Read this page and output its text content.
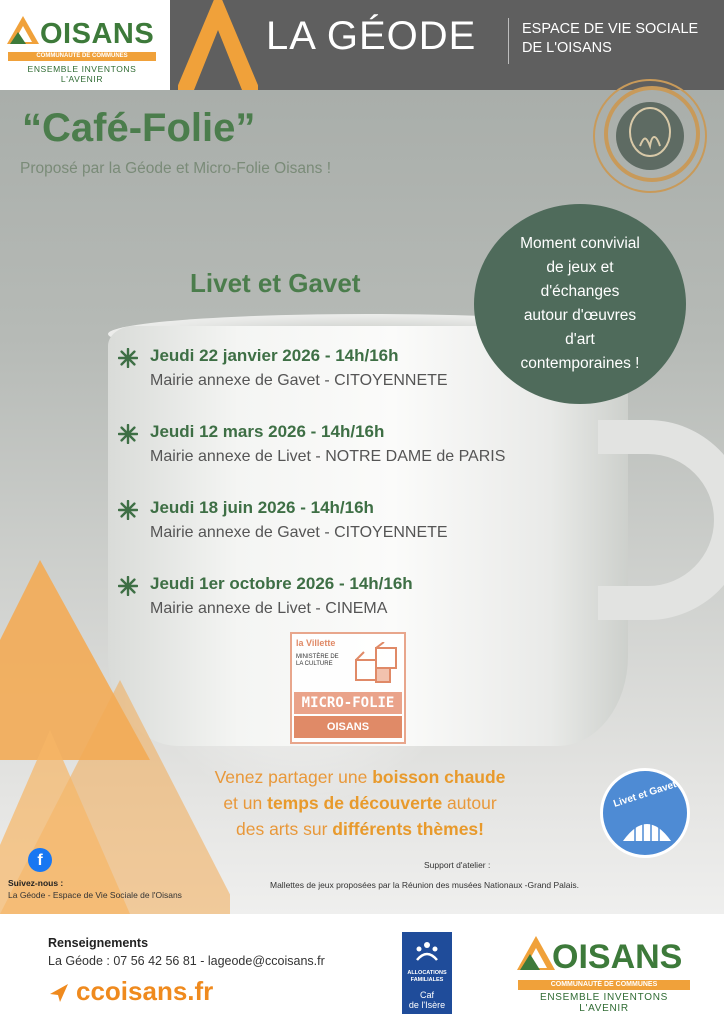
OISANS
COMMUNAUTÉ DE COMMUNES
ENSEMBLE INVENTONS L'AVENIR
LA GÉODE	ESPACE DE VIE SOCIALE
DE L'OISANS
“Café-Folie”
Proposé par la Géode et Micro-Folie Oisans !
Moment convivial
de jeux et
d'échanges
autour d'œuvres
d'art
contemporaines !
Livet et Gavet
Jeudi 22 janvier 2026 - 14h/16h
Mairie annexe de Gavet - CITOYENNETE
Jeudi 12 mars 2026 - 14h/16h
Mairie annexe de Livet - NOTRE DAME de PARIS
Jeudi 18 juin 2026 - 14h/16h
Mairie annexe de Gavet - CITOYENNETE
Jeudi 1er octobre 2026 - 14h/16h
Mairie annexe de Livet - CINEMA
la Villette
MINISTÈRE DE LA CULTURE
MICRO-FOLIE
OISANS
Venez partager une boisson chaude
et un temps de découverte autour
des arts sur différents thèmes!
Livet et Gavet
f
Suivez-nous :
La Géode - Espace de Vie Sociale de l'Oisans
Support d'atelier :
Mallettes de jeux proposées par la Réunion des musées Nationaux -Grand Palais.
Renseignements
La Géode : 07 56 42 56 81 - lageode@ccoisans.fr
ccoisans.fr
ALLOCATIONS
FAMILIALES
Caf
de l'Isère
OISANS
COMMUNAUTÉ DE COMMUNES
ENSEMBLE INVENTONS L'AVENIR
